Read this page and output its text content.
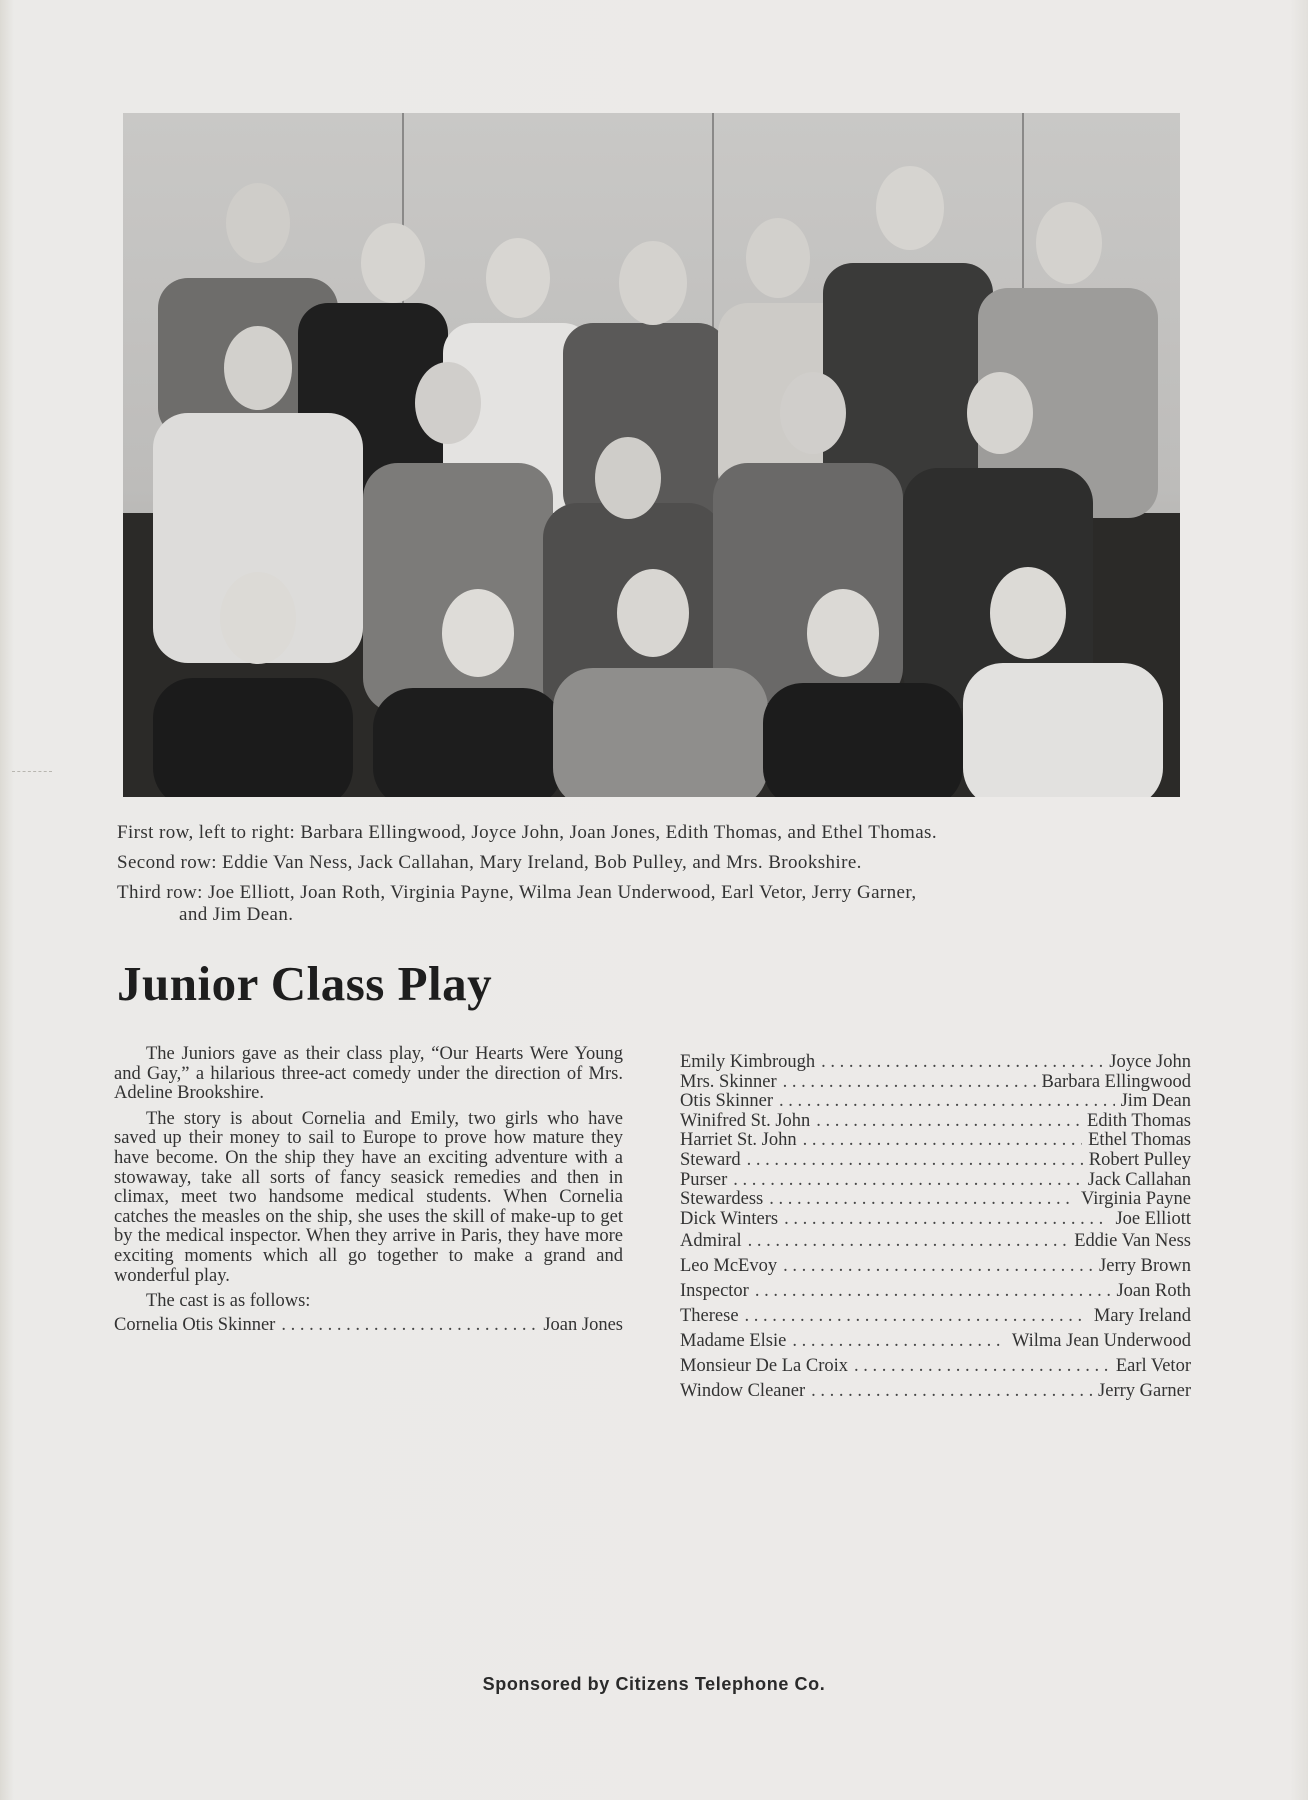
First row, left to right: Barbara Ellingwood, Joyce John, Joan Jones, Edith Thomas, and Ethel Thomas.

Second row: Eddie Van Ness, Jack Callahan, Mary Ireland, Bob Pulley, and Mrs. Brookshire.

Third row: Joe Elliott, Joan Roth, Virginia Payne, Wilma Jean Underwood, Earl Vetor, Jerry Garner,
and Jim Dean.

Junior Class Play

The Juniors gave as their class play, “Our Hearts Were Young and Gay,” a hilarious three-act comedy under the direction of Mrs. Adeline Brookshire.

The story is about Cornelia and Emily, two girls who have saved up their money to sail to Europe to prove how mature they have become. On the ship they have an exciting adventure with a stowaway, take all sorts of fancy seasick remedies and then in climax, meet two handsome medical students. When Cornelia catches the measles on the ship, she uses the skill of make-up to get by the medical inspector. When they arrive in Paris, they have more exciting moments which all go together to make a grand and wonderful play.

The cast is as follows:

Cornelia Otis Skinner . . .	Joan Jones
Emily Kimbrough . . .	Joyce John
Mrs. Skinner . . .	Barbara Ellingwood
Otis Skinner . . .	Jim Dean
Winifred St. John . . .	Edith Thomas
Harriet St. John . . .	Ethel Thomas
Steward . . .	Robert Pulley
Purser . . .	Jack Callahan
Stewardess . . .	Virginia Payne
Dick Winters . . .	Joe Elliott
Admiral . . .	Eddie Van Ness
Leo McEvoy . . .	Jerry Brown
Inspector . . .	Joan Roth
Therese . . .	Mary Ireland
Madame Elsie . . .	Wilma Jean Underwood
Monsieur De La Croix . . .	Earl Vetor
Window Cleaner . . .	Jerry Garner
Sponsored by Citizens Telephone Co.
